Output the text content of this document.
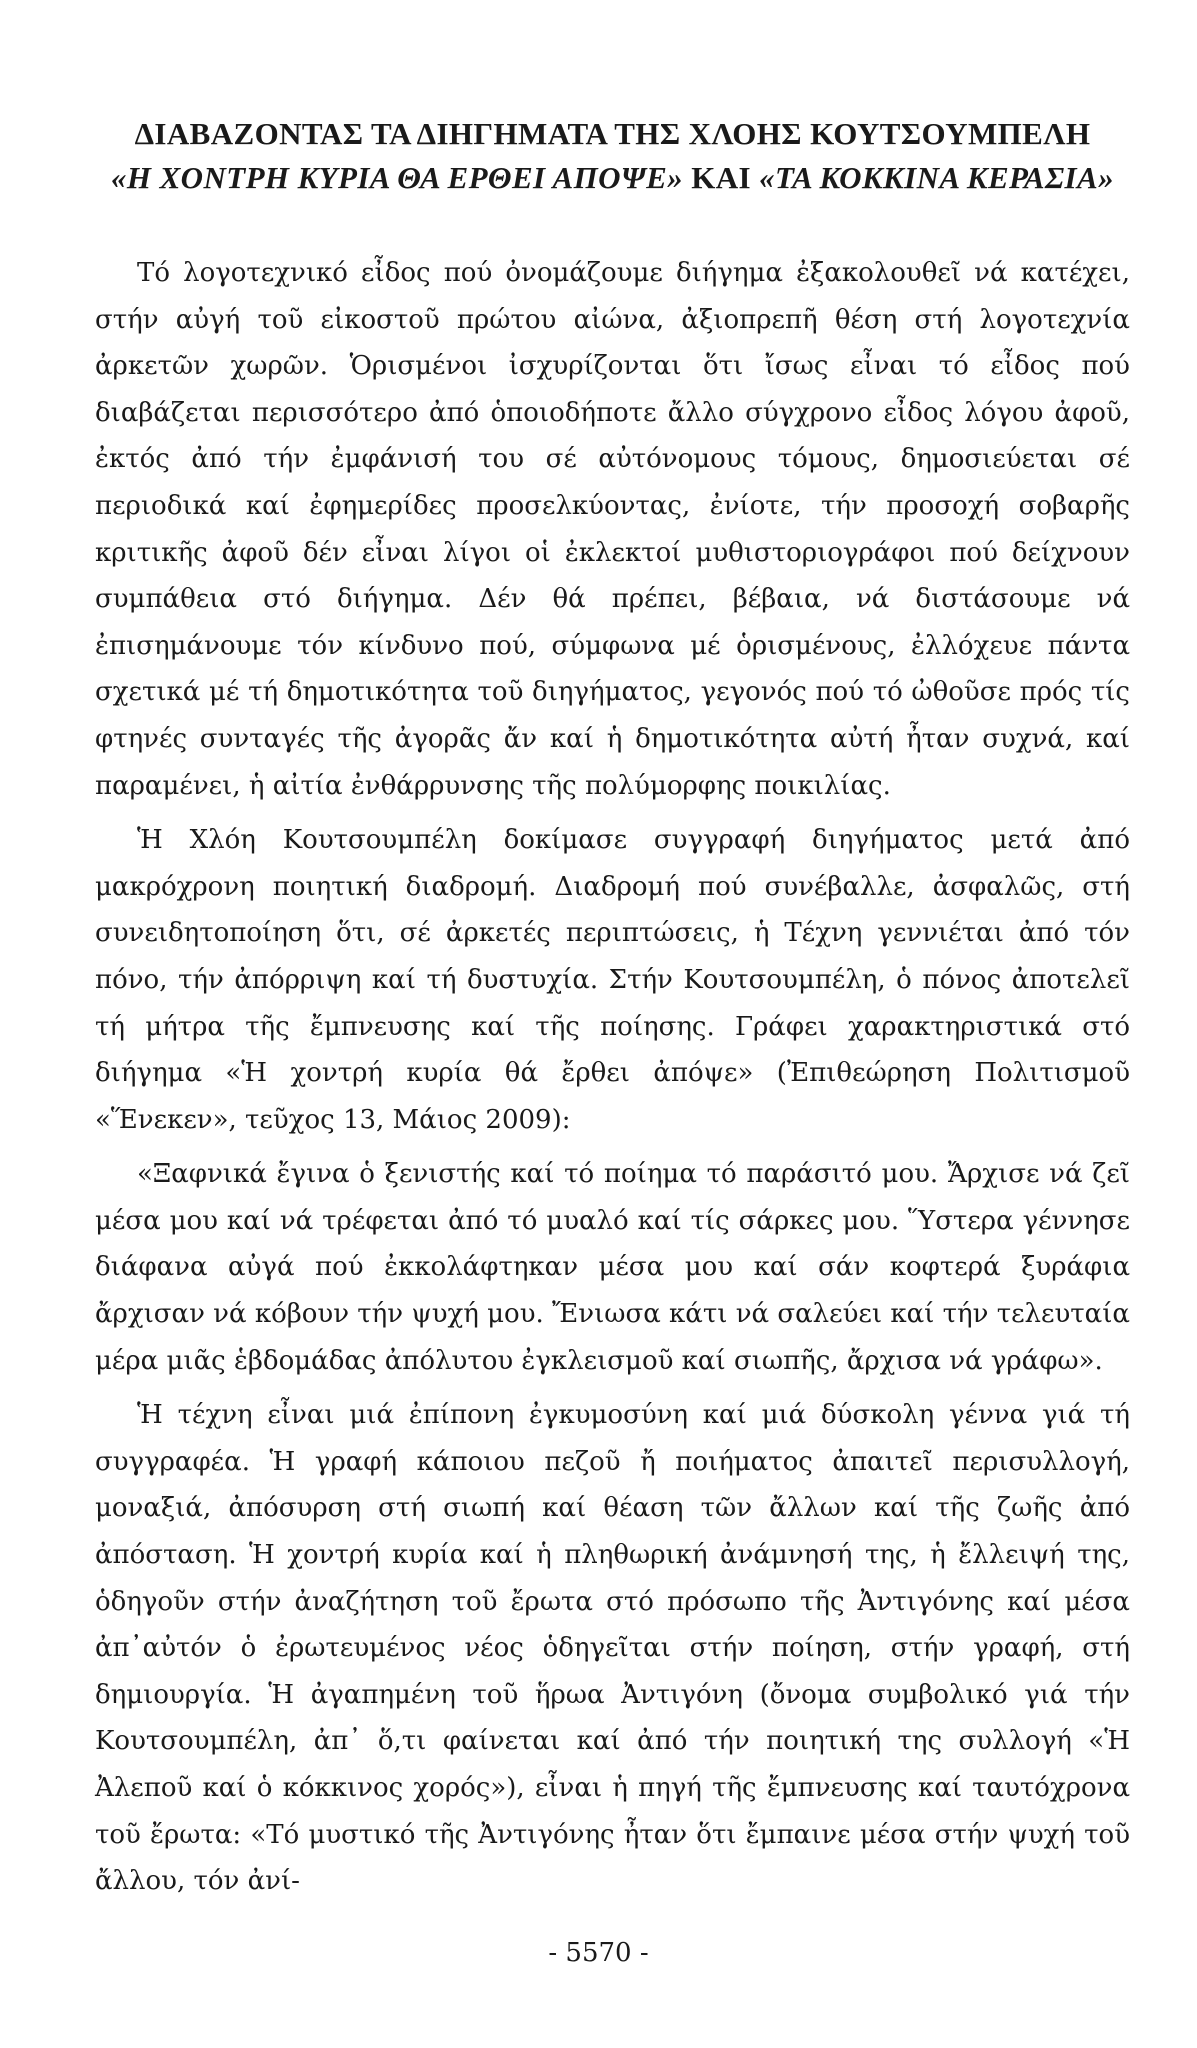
ΔΙΑΒΑΖΟΝΤΑΣ ΤΑ ΔΙΗΓΗΜΑΤΑ ΤΗΣ ΧΛΟΗΣ ΚΟΥΤΣΟΥΜΠΕΛΗ
«Η ΧΟΝΤΡΗ ΚΥΡΙΑ ΘΑ ΕΡΘΕΙ ΑΠΟΨΕ» ΚΑΙ «ΤΑ ΚΟΚΚΙΝΑ ΚΕΡΑΣΙΑ»

Τό λογοτεχνικό εἶδος πού ὀνομάζουμε διήγημα ἐξακολουθεῖ νά κατέχει, στήν αὐγή τοῦ εἰκοστοῦ πρώτου αἰώνα, ἀξιοπρεπῆ θέση στή λογοτεχνία ἀρκετῶν χωρῶν. Ὁρισμένοι ἰσχυρίζονται ὅτι ἴσως εἶναι τό εἶδος πού διαβάζεται περισσότερο ἀπό ὁποιοδήποτε ἄλλο σύγχρονο εἶδος λόγου ἀφοῦ, ἐκτός ἀπό τήν ἐμφάνισή του σέ αὐτόνομους τόμους, δημοσιεύεται σέ περιοδικά καί ἐφημερίδες προσελκύοντας, ἐνίοτε, τήν προσοχή σοβαρῆς κριτικῆς ἀφοῦ δέν εἶναι λίγοι οἱ ἐκλεκτοί μυθιστοριογράφοι πού δείχνουν συμπάθεια στό διήγημα. Δέν θά πρέπει, βέβαια, νά διστάσουμε νά ἐπισημάνουμε τόν κίνδυνο πού, σύμφωνα μέ ὁρισμένους, ἐλλόχευε πάντα σχετικά μέ τή δημοτικότητα τοῦ διηγήματος, γεγονός πού τό ὠθοῦσε πρός τίς φτηνές συνταγές τῆς ἀγορᾶς ἄν καί ἡ δημοτικότητα αὐτή ἦταν συχνά, καί παραμένει, ἡ αἰτία ἐνθάρρυνσης τῆς πολύμορφης ποικιλίας.

Ἡ Χλόη Κουτσουμπέλη δοκίμασε συγγραφή διηγήματος μετά ἀπό μακρόχρονη ποιητική διαδρομή. Διαδρομή πού συνέβαλλε, ἀσφαλῶς, στή συνειδητοποίηση ὅτι, σέ ἀρκετές περιπτώσεις, ἡ Τέχνη γεννιέται ἀπό τόν πόνο, τήν ἀπόρριψη καί τή δυστυχία. Στήν Κουτσουμπέλη, ὁ πόνος ἀποτελεῖ τή μήτρα τῆς ἔμπνευσης καί τῆς ποίησης. Γράφει χαρακτηριστικά στό διήγημα «Ἡ χοντρή κυρία θά ἔρθει ἀπόψε» (Ἐπιθεώρηση Πολιτισμοῦ «Ἕνεκεν», τεῦχος 13, Μάιος 2009):

«Ξαφνικά ἔγινα ὁ ξενιστής καί τό ποίημα τό παράσιτό μου. Ἄρχισε νά ζεῖ μέσα μου καί νά τρέφεται ἀπό τό μυαλό καί τίς σάρκες μου. Ὕστερα γέννησε διάφανα αὐγά πού ἐκκολάφτηκαν μέσα μου καί σάν κοφτερά ξυράφια ἄρχισαν νά κόβουν τήν ψυχή μου. Ἔνιωσα κάτι νά σαλεύει καί τήν τελευταία μέρα μιᾶς ἑβδομάδας ἀπόλυτου ἐγκλεισμοῦ καί σιωπῆς, ἄρχισα νά γράφω».

Ἡ τέχνη εἶναι μιά ἐπίπονη ἐγκυμοσύνη καί μιά δύσκολη γέννα γιά τή συγγραφέα. Ἡ γραφή κάποιου πεζοῦ ἤ ποιήματος ἀπαιτεῖ περισυλλογή, μοναξιά, ἀπόσυρση στή σιωπή καί θέαση τῶν ἄλλων καί τῆς ζωῆς ἀπό ἀπόσταση. Ἡ χοντρή κυρία καί ἡ πληθωρική ἀνάμνησή της, ἡ ἔλλειψή της, ὁδηγοῦν στήν ἀναζήτηση τοῦ ἔρωτα στό πρόσωπο τῆς Ἀντιγόνης καί μέσα ἀπ᾽αὐτόν ὁ ἐρωτευμένος νέος ὁδηγεῖται στήν ποίηση, στήν γραφή, στή δημιουργία. Ἡ ἀγαπημένη τοῦ ἥρωα Ἀντιγόνη (ὄνομα συμβολικό γιά τήν Κουτσουμπέλη, ἀπ᾽ ὅ,τι φαίνεται καί ἀπό τήν ποιητική της συλλογή «Ἡ Ἀλεποῦ καί ὁ κόκκινος χορός»), εἶναι ἡ πηγή τῆς ἔμπνευσης καί ταυτόχρονα τοῦ ἔρωτα: «Τό μυστικό τῆς Ἀντιγόνης ἦταν ὅτι ἔμπαινε μέσα στήν ψυχή τοῦ ἄλλου, τόν ἀνί-

- 5570 -
